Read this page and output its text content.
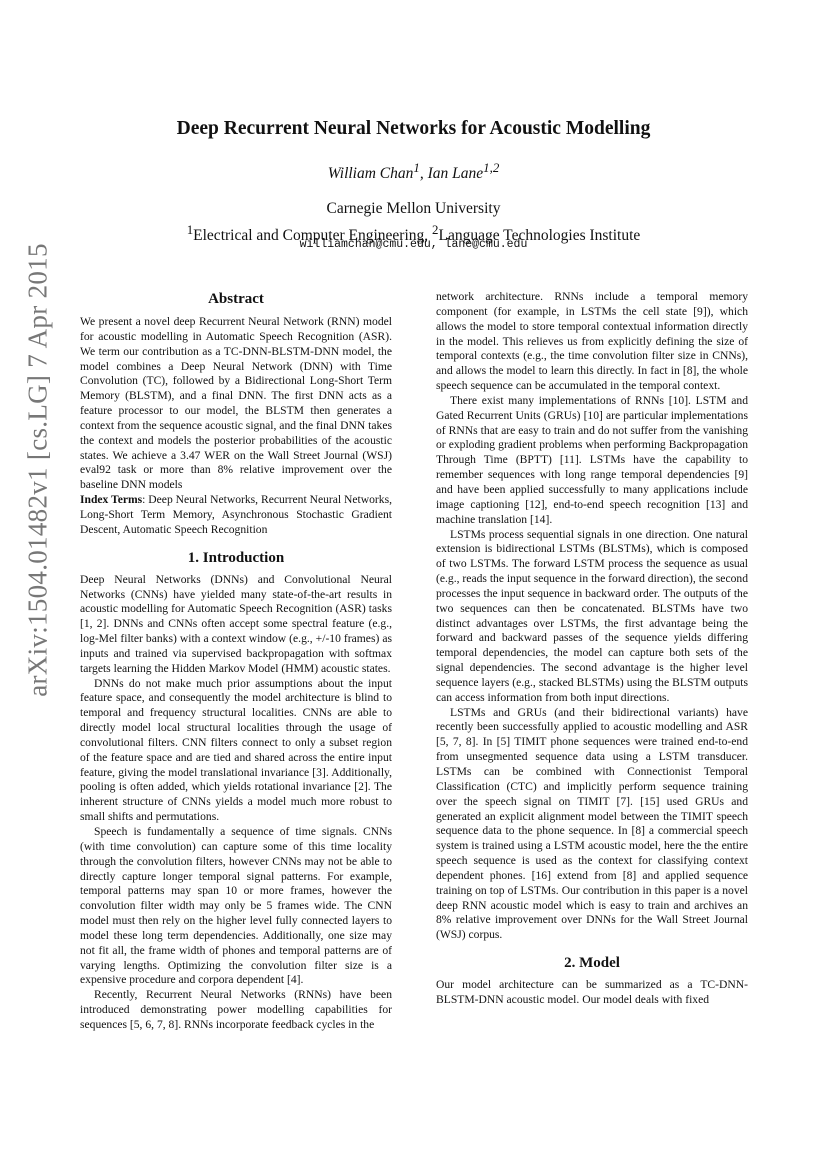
arXiv:1504.01482v1 [cs.LG] 7 Apr 2015
Deep Recurrent Neural Networks for Acoustic Modelling
William Chan$^1$, Ian Lane$^{1,2}$
Carnegie Mellon University
$^1$Electrical and Computer Engineering, $^2$Language Technologies Institute
williamchan@cmu.edu, lane@cmu.edu
Abstract

We present a novel deep Recurrent Neural Network (RNN) model for acoustic modelling in Automatic Speech Recognition (ASR). We term our contribution as a TC-DNN-BLSTM-DNN model, the model combines a Deep Neural Network (DNN) with Time Convolution (TC), followed by a Bidirectional Long-Short Term Memory (BLSTM), and a final DNN. The first DNN acts as a feature processor to our model, the BLSTM then generates a context from the sequence acoustic signal, and the final DNN takes the context and models the posterior probabilities of the acoustic states. We achieve a 3.47 WER on the Wall Street Journal (WSJ) eval92 task or more than 8% relative improvement over the baseline DNN models

Index Terms: Deep Neural Networks, Recurrent Neural Networks, Long-Short Term Memory, Asynchronous Stochastic Gradient Descent, Automatic Speech Recognition

1. Introduction

Deep Neural Networks (DNNs) and Convolutional Neural Networks (CNNs) have yielded many state-of-the-art results in acoustic modelling for Automatic Speech Recognition (ASR) tasks [1, 2]. DNNs and CNNs often accept some spectral feature (e.g., log-Mel filter banks) with a context window (e.g., +/-10 frames) as inputs and trained via supervised backpropagation with softmax targets learning the Hidden Markov Model (HMM) acoustic states.

DNNs do not make much prior assumptions about the input feature space, and consequently the model architecture is blind to temporal and frequency structural localities. CNNs are able to directly model local structural localities through the usage of convolutional filters. CNN filters connect to only a subset region of the feature space and are tied and shared across the entire input feature, giving the model translational invariance [3]. Additionally, pooling is often added, which yields rotational invariance [2]. The inherent structure of CNNs yields a model much more robust to small shifts and permutations.

Speech is fundamentally a sequence of time signals. CNNs (with time convolution) can capture some of this time locality through the convolution filters, however CNNs may not be able to directly capture longer temporal signal patterns. For example, temporal patterns may span 10 or more frames, however the convolution filter width may only be 5 frames wide. The CNN model must then rely on the higher level fully connected layers to model these long term dependencies. Additionally, one size may not fit all, the frame width of phones and temporal patterns are of varying lengths. Optimizing the convolution filter size is a expensive procedure and corpora dependent [4].

Recently, Recurrent Neural Networks (RNNs) have been introduced demonstrating power modelling capabilities for sequences [5, 6, 7, 8]. RNNs incorporate feedback cycles in the

network architecture. RNNs include a temporal memory component (for example, in LSTMs the cell state [9]), which allows the model to store temporal contextual information directly in the model. This relieves us from explicitly defining the size of temporal contexts (e.g., the time convolution filter size in CNNs), and allows the model to learn this directly. In fact in [8], the whole speech sequence can be accumulated in the temporal context.

There exist many implementations of RNNs [10]. LSTM and Gated Recurrent Units (GRUs) [10] are particular implementations of RNNs that are easy to train and do not suffer from the vanishing or exploding gradient problems when performing Backpropagation Through Time (BPTT) [11]. LSTMs have the capability to remember sequences with long range temporal dependencies [9] and have been applied successfully to many applications include image captioning [12], end-to-end speech recognition [13] and machine translation [14].

LSTMs process sequential signals in one direction. One natural extension is bidirectional LSTMs (BLSTMs), which is composed of two LSTMs. The forward LSTM process the sequence as usual (e.g., reads the input sequence in the forward direction), the second processes the input sequence in backward order. The outputs of the two sequences can then be concatenated. BLSTMs have two distinct advantages over LSTMs, the first advantage being the forward and backward passes of the sequence yields differing temporal dependencies, the model can capture both sets of the signal dependencies. The second advantage is the higher level sequence layers (e.g., stacked BLSTMs) using the BLSTM outputs can access information from both input directions.

LSTMs and GRUs (and their bidirectional variants) have recently been successfully applied to acoustic modelling and ASR [5, 7, 8]. In [5] TIMIT phone sequences were trained end-to-end from unsegmented sequence data using a LSTM transducer. LSTMs can be combined with Connectionist Temporal Classification (CTC) and implicitly perform sequence training over the speech signal on TIMIT [7]. [15] used GRUs and generated an explicit alignment model between the TIMIT speech sequence data to the phone sequence. In [8] a commercial speech system is trained using a LSTM acoustic model, here the the entire speech sequence is used as the context for classifying context dependent phones. [16] extend from [8] and applied sequence training on top of LSTMs. Our contribution in this paper is a novel deep RNN acoustic model which is easy to train and archives an 8% relative improvement over DNNs for the Wall Street Journal (WSJ) corpus.

2. Model

Our model architecture can be summarized as a TC-DNN-BLSTM-DNN acoustic model. Our model deals with fixed
